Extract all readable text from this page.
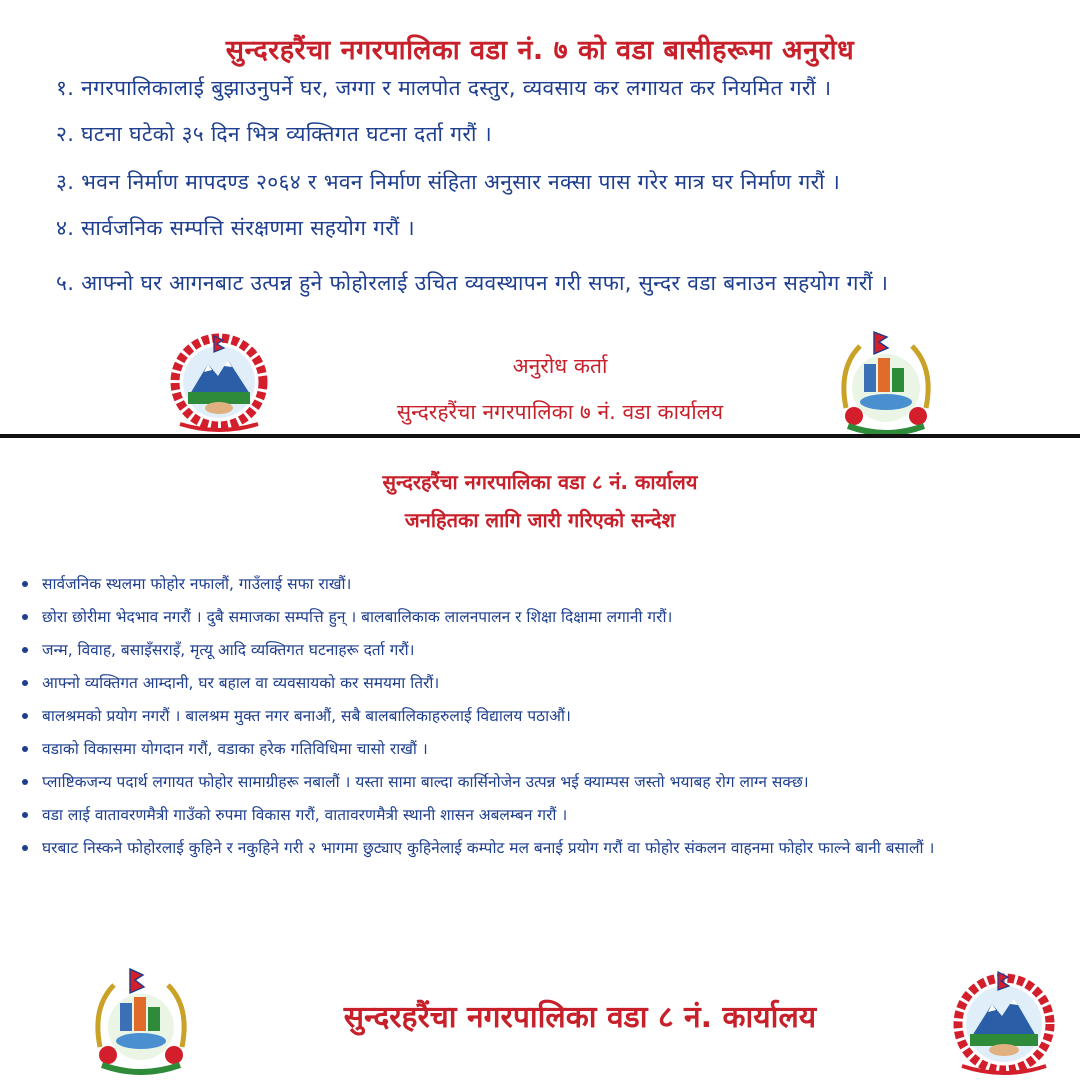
सुन्दरहरैंचा नगरपालिका वडा नं. ७ को वडा बासीहरूमा अनुरोध
१. नगरपालिकालाई बुझाउनुपर्ने घर, जग्गा र मालपोत दस्तुर, व्यवसाय कर लगायत कर नियमित गरौं ।
२. घटना घटेको ३५ दिन भित्र व्यक्तिगत घटना दर्ता गरौं ।
३. भवन निर्माण मापदण्ड २०६४ र भवन निर्माण संहिता अनुसार नक्सा पास गरेर मात्र घर निर्माण गरौं ।
४. सार्वजनिक सम्पत्ति संरक्षणमा सहयोग गरौं ।
५. आफ्नो घर आगनबाट उत्पन्न हुने फोहोरलाई उचित व्यवस्थापन गरी सफा, सुन्दर वडा बनाउन सहयोग गरौं ।
अनुरोध कर्ता
सुन्दरहरैंचा नगरपालिका ७ नं. वडा कार्यालय
सुन्दरहरैंचा नगरपालिका वडा ८ नं. कार्यालय
जनहितका लागि जारी गरिएको सन्देश
सार्वजनिक स्थलमा फोहोर नफालौं, गाउँलाई सफा राखौं।
छोरा छोरीमा भेदभाव नगरौं । दुबै समाजका सम्पत्ति हुन् । बालबालिकाक लालनपालन र शिक्षा दिक्षामा लगानी गरौं।
जन्म, विवाह, बसाइँसराइँ, मृत्यू आदि व्यक्तिगत घटनाहरू दर्ता गरौं।
आफ्नो व्यक्तिगत आम्दानी, घर बहाल वा व्यवसायको कर समयमा तिरौं।
बालश्रमको प्रयोग नगरौं । बालश्रम मुक्त नगर बनाऔं, सबै बालबालिकाहरुलाई विद्यालय पठाऔं।
वडाको विकासमा योगदान गरौं, वडाका हरेक गतिविधिमा चासो राखौं ।
प्लाष्टिकजन्य पदार्थ लगायत फोहोर सामाग्रीहरू नबालौं । यस्ता सामा बाल्दा कार्सिनोजेन उत्पन्न भई क्याम्पस जस्तो भयाबह रोग लाग्न सक्छ।
वडा लाई वातावरणमैत्री गाउँको रुपमा विकास गरौं, वातावरणमैत्री स्थानी शासन अबलम्बन गरौं ।
घरबाट निस्कने फोहोरलाई कुहिने र नकुहिने गरी २ भागमा छुट्याए कुहिनेलाई कम्पोट मल बनाई प्रयोग गरौं वा फोहोर संकलन वाहनमा फोहोर फाल्ने बानी बसालौं ।
सुन्दरहरैंचा नगरपालिका वडा ८ नं. कार्यालय
